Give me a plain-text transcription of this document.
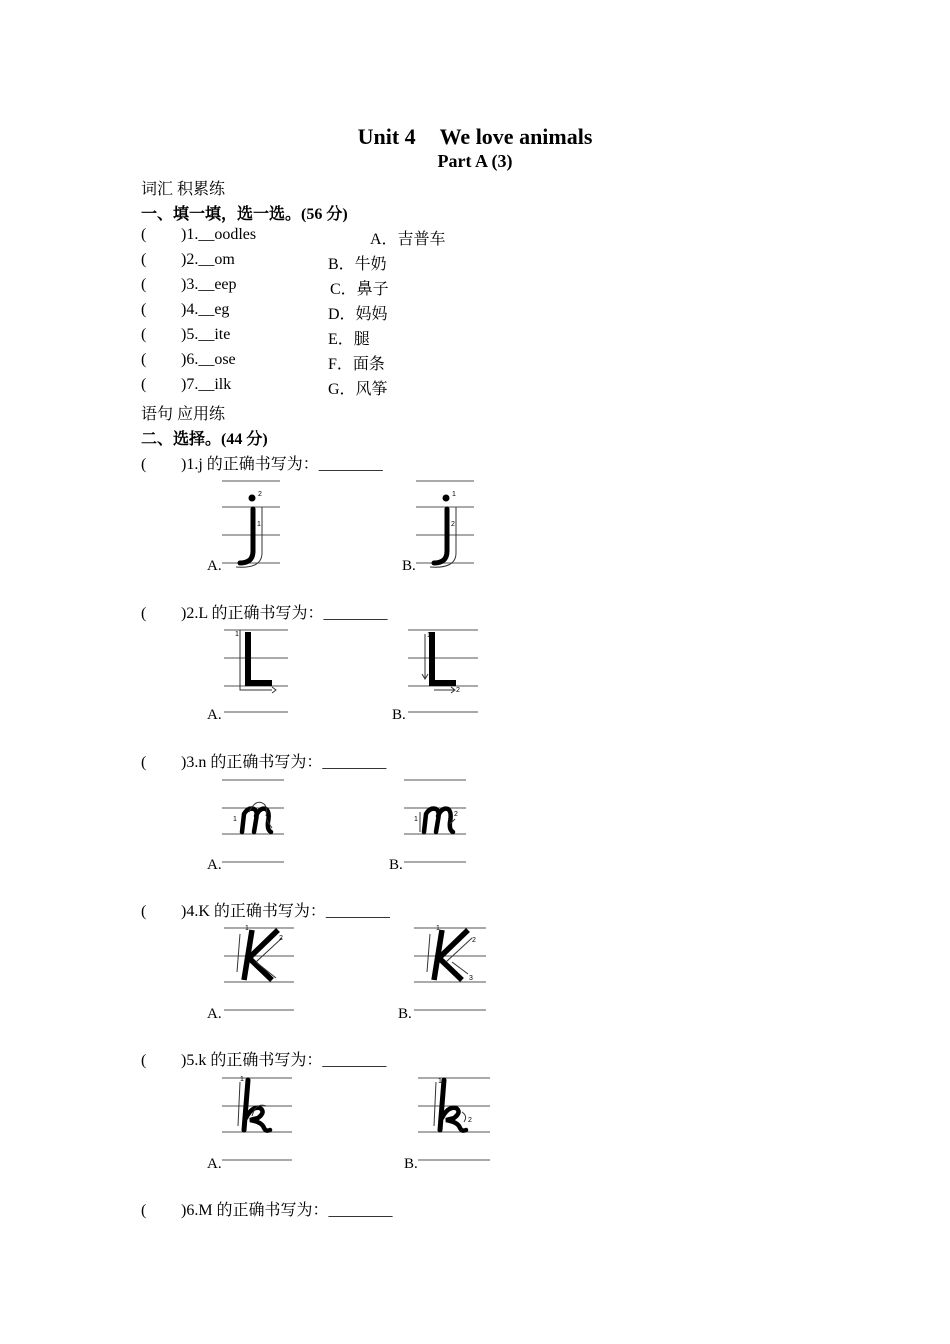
Unit 4 We love animals
Part A (3)
词汇 积累练
一、填一填，选一选。(56 分)
( )1.__oodles	A．吉普车
( )2.__om	B．牛奶
( )3.__eep	C．鼻子
( )4.__eg	D．妈妈
( )5.__ite	E．腿
( )6.__ose	F．面条
( )7.__ilk	G．风筝
语句 应用练
二、选择。(44 分)
( )1.j 的正确书写为：________
2
1
A.
1
2
B.
( )2.L 的正确书写为：________
1
A.
1
2
B.
( )3.n 的正确书写为：________
1
A.
1
2
B.
( )4.K 的正确书写为：________
1
2
A.
1
2
3
B.
( )5.k 的正确书写为：________
1
A.
1
2
B.
( )6.M 的正确书写为：________
